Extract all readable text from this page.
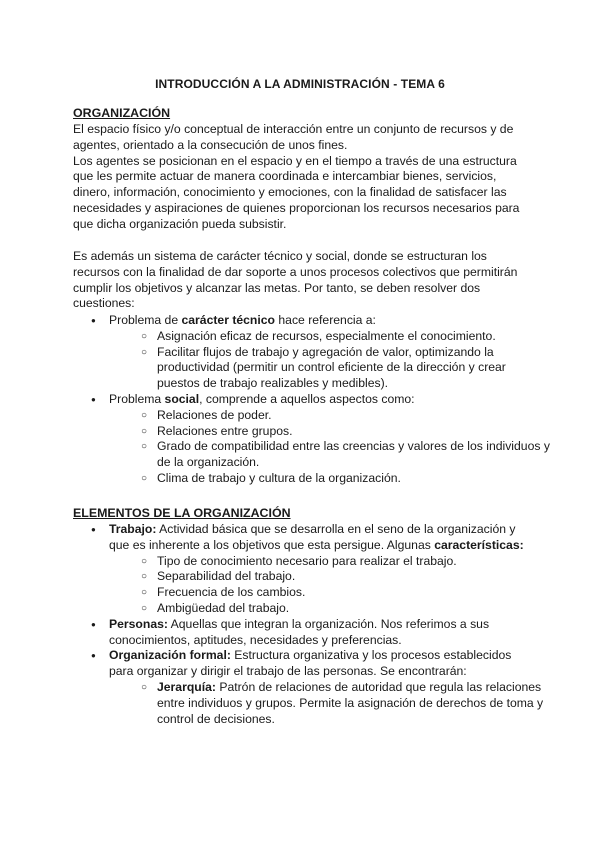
INTRODUCCIÓN A LA ADMINISTRACIÓN - TEMA 6
ORGANIZACIÓN
El espacio físico y/o conceptual de interacción entre un conjunto de recursos y de
agentes, orientado a la consecución de unos fines.
Los agentes se posicionan en el espacio y en el tiempo a través de una estructura
que les permite actuar de manera coordinada e intercambiar bienes, servicios,
dinero, información, conocimiento y emociones, con la finalidad de satisfacer las
necesidades y aspiraciones de quienes proporcionan los recursos necesarios para
que dicha organización pueda subsistir.
Es además un sistema de carácter técnico y social, donde se estructuran los
recursos con la finalidad de dar soporte a unos procesos colectivos que permitirán
cumplir los objetivos y alcanzar las metas. Por tanto, se deben resolver dos
cuestiones:
● Problema de carácter técnico hace referencia a:
○ Asignación eficaz de recursos, especialmente el conocimiento.
○ Facilitar flujos de trabajo y agregación de valor, optimizando la
productividad (permitir un control eficiente de la dirección y crear
puestos de trabajo realizables y medibles).
● Problema social, comprende a aquellos aspectos como:
○ Relaciones de poder.
○ Relaciones entre grupos.
○ Grado de compatibilidad entre las creencias y valores de los individuos y
de la organización.
○ Clima de trabajo y cultura de la organización.
ELEMENTOS DE LA ORGANIZACIÓN
● Trabajo: Actividad básica que se desarrolla en el seno de la organización y
que es inherente a los objetivos que esta persigue. Algunas características:
○ Tipo de conocimiento necesario para realizar el trabajo.
○ Separabilidad del trabajo.
○ Frecuencia de los cambios.
○ Ambigüedad del trabajo.
● Personas: Aquellas que integran la organización. Nos referimos a sus
conocimientos, aptitudes, necesidades y preferencias.
● Organización formal: Estructura organizativa y los procesos establecidos
para organizar y dirigir el trabajo de las personas. Se encontrarán:
○ Jerarquía: Patrón de relaciones de autoridad que regula las relaciones
entre individuos y grupos. Permite la asignación de derechos de toma y
control de decisiones.
